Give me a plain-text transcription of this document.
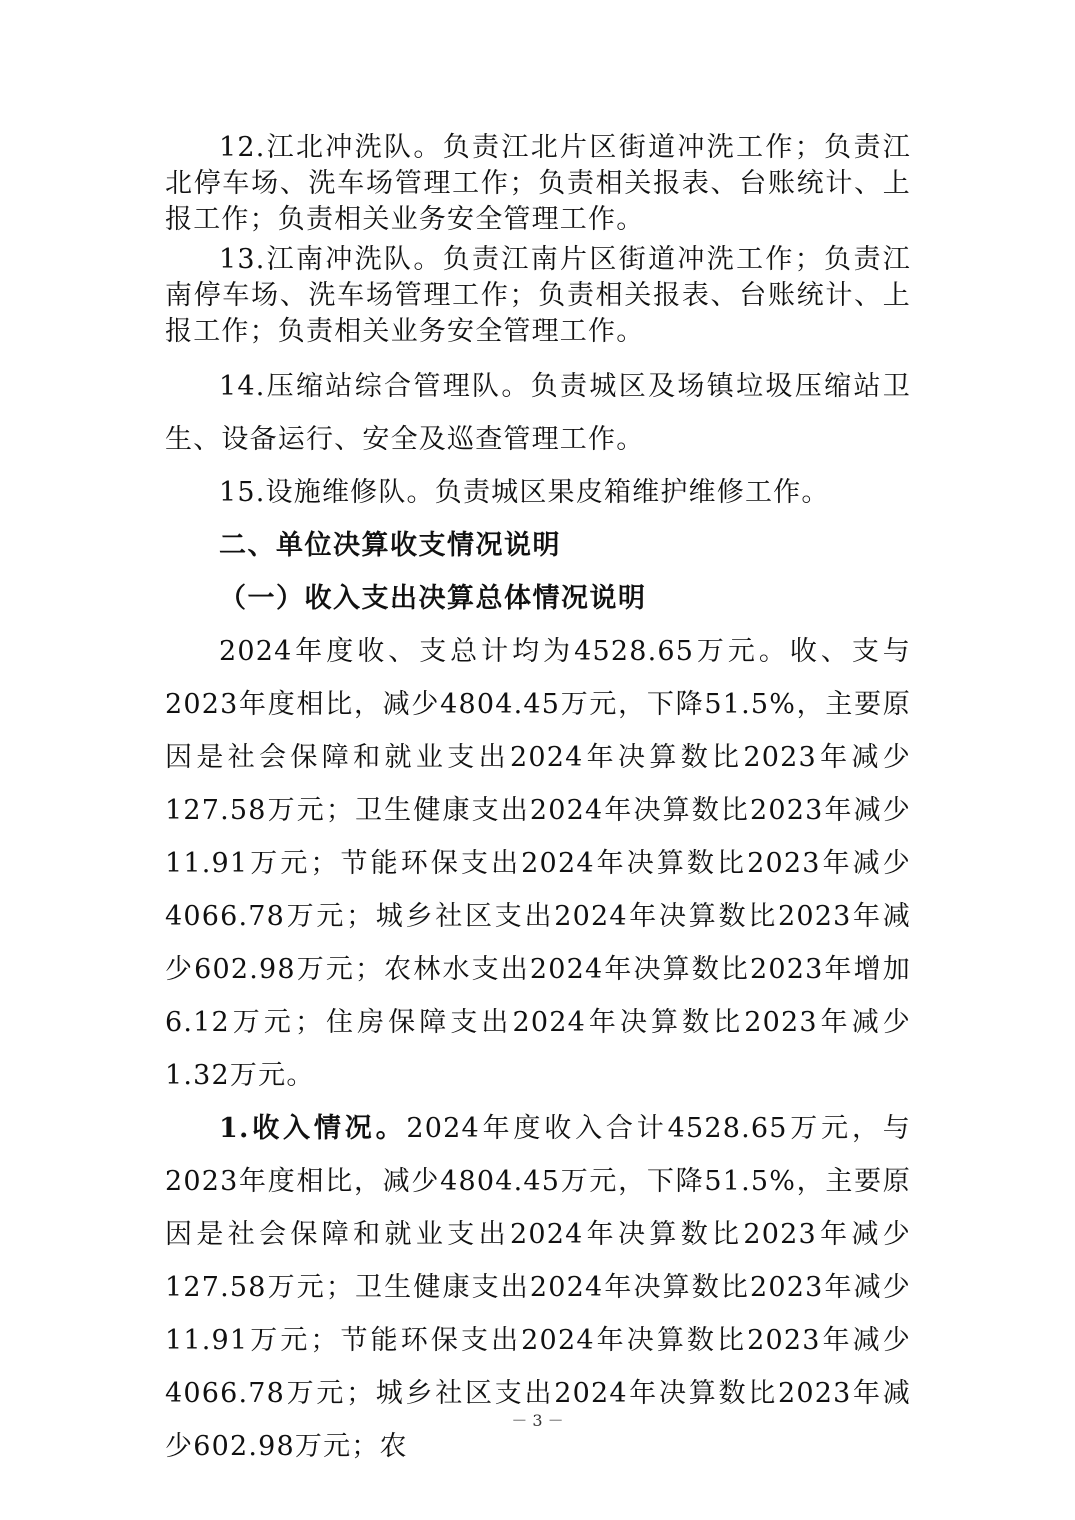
12.江北冲洗队。负责江北片区街道冲洗工作；负责江北停车场、洗车场管理工作；负责相关报表、台账统计、上报工作；负责相关业务安全管理工作。

13.江南冲洗队。负责江南片区街道冲洗工作；负责江南停车场、洗车场管理工作；负责相关报表、台账统计、上报工作；负责相关业务安全管理工作。

14.压缩站综合管理队。负责城区及场镇垃圾压缩站卫生、设备运行、安全及巡查管理工作。

15.设施维修队。负责城区果皮箱维护维修工作。

二、单位决算收支情况说明

（一）收入支出决算总体情况说明

2024年度收、支总计均为4528.65万元。收、支与2023年度相比，减少4804.45万元，下降51.5%，主要原因是社会保障和就业支出2024年决算数比2023年减少127.58万元；卫生健康支出2024年决算数比2023年减少11.91万元；节能环保支出2024年决算数比2023年减少4066.78万元；城乡社区支出2024年决算数比2023年减少602.98万元；农林水支出2024年决算数比2023年增加6.12万元；住房保障支出2024年决算数比2023年减少1.32万元。

1.收入情况。2024年度收入合计4528.65万元，与2023年度相比，减少4804.45万元，下降51.5%，主要原因是社会保障和就业支出2024年决算数比2023年减少127.58万元；卫生健康支出2024年决算数比2023年减少11.91万元；节能环保支出2024年决算数比2023年减少4066.78万元；城乡社区支出2024年决算数比2023年减少602.98万元；农

－ 3 －
